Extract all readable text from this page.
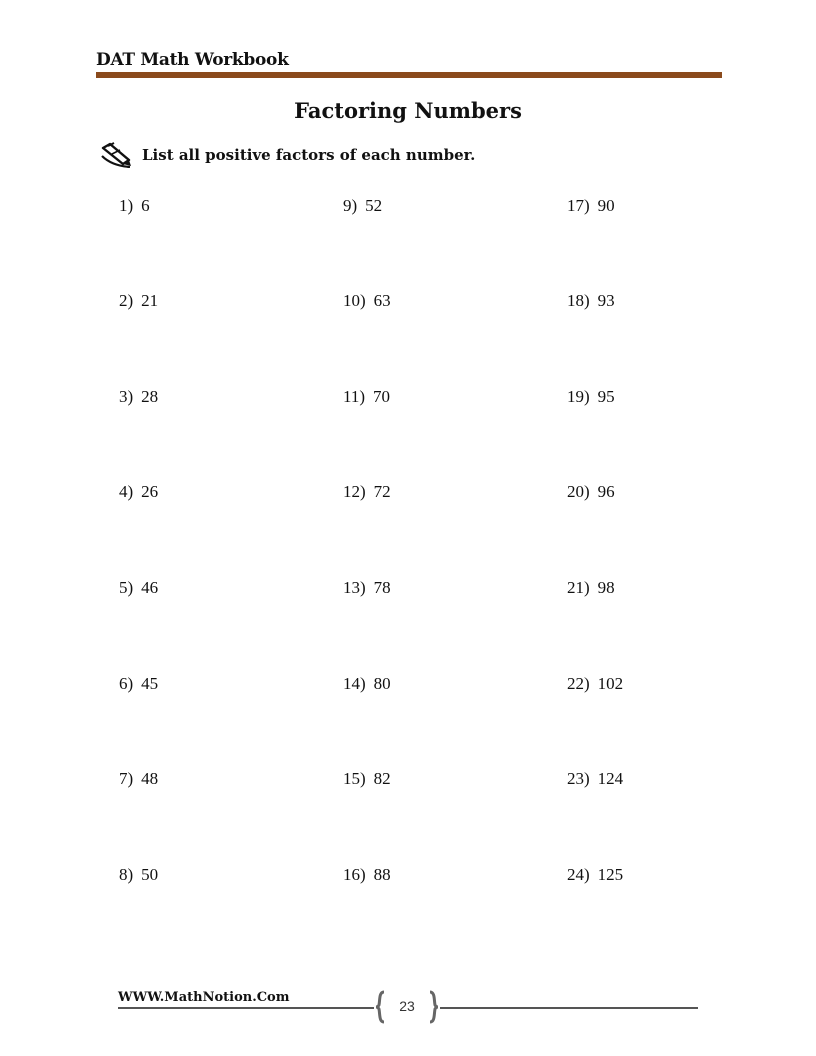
DAT Math Workbook
Factoring Numbers
List all positive factors of each number.
1) 6
2) 21
3) 28
4) 26
5) 46
6) 45
7) 48
8) 50
9) 52
10) 63
11) 70
12) 72
13) 78
14) 80
15) 82
16) 88
17) 90
18) 93
19) 95
20) 96
21) 98
22) 102
23) 124
24) 125
WWW.MathNotion.Com
23
